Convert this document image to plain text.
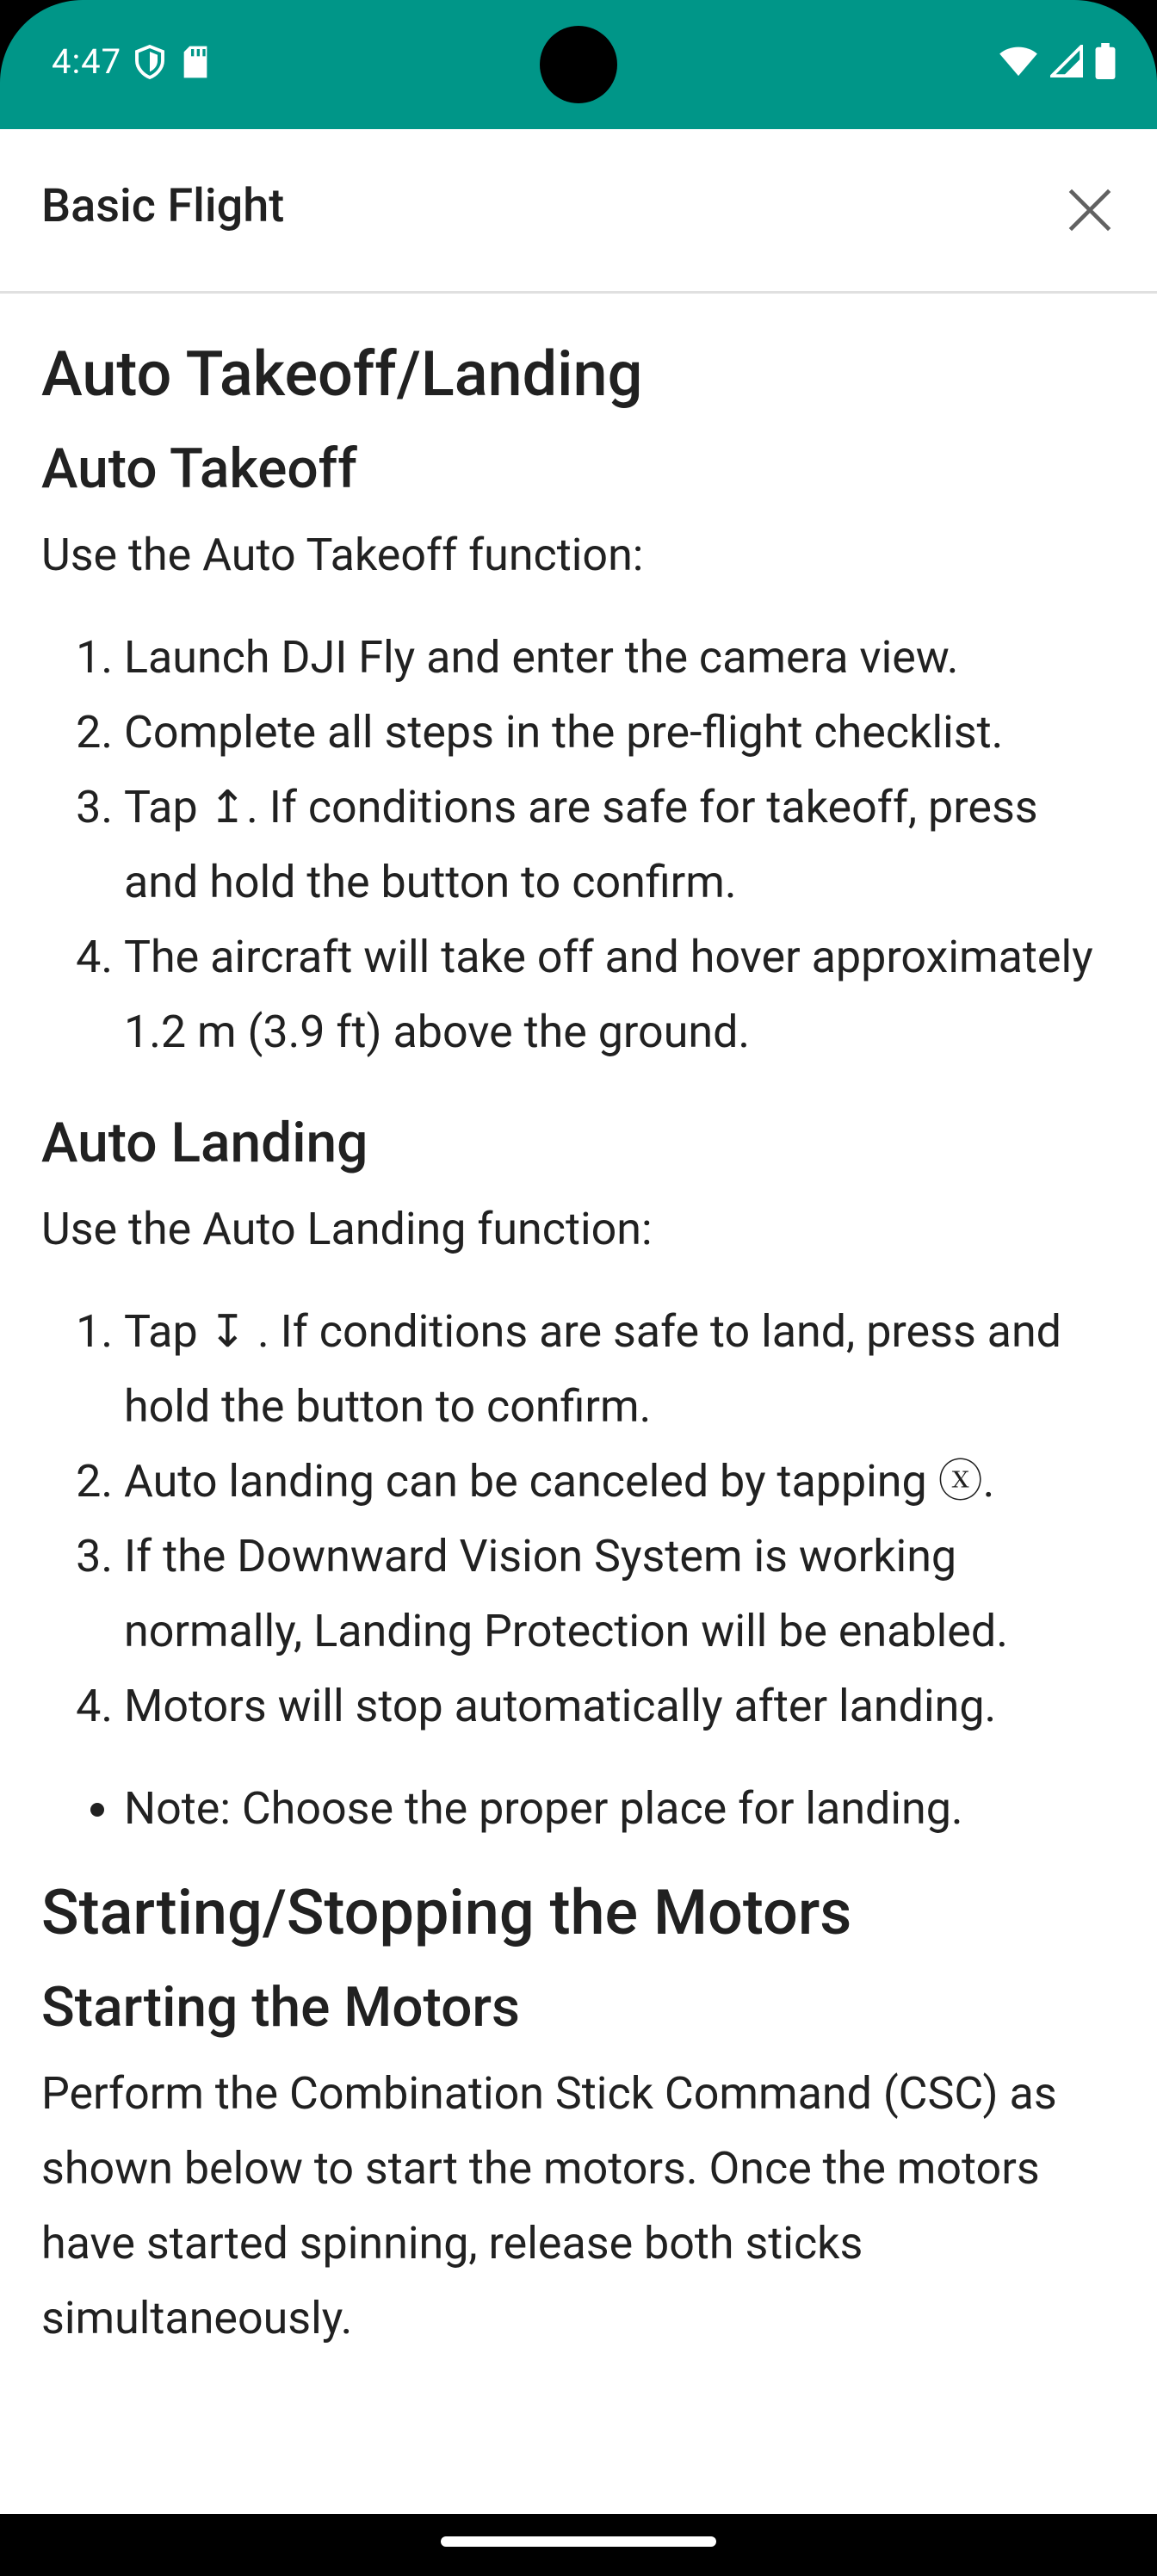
4:47
Basic Flight
Auto Takeoff/Landing
Auto Takeoff

Use the Auto Takeoff function:

1. Launch DJI Fly and enter the camera view.
2. Complete all steps in the pre-flight checklist.
3. Tap ↥. If conditions are safe for takeoff, press and hold the button to confirm.
4. The aircraft will take off and hover approximately 1.2 m (3.9 ft) above the ground.
Auto Landing

Use the Auto Landing function:

1. Tap ↧ . If conditions are safe to land, press and hold the button to confirm.
2. Auto landing can be canceled by tapping ⓧ.
3. If the Downward Vision System is working normally, Landing Protection will be enabled.
4. Motors will stop automatically after landing.
• Note: Choose the proper place for landing.
Starting/Stopping the Motors
Starting the Motors

Perform the Combination Stick Command (CSC) as shown below to start the motors. Once the motors have started spinning, release both sticks simultaneously.
